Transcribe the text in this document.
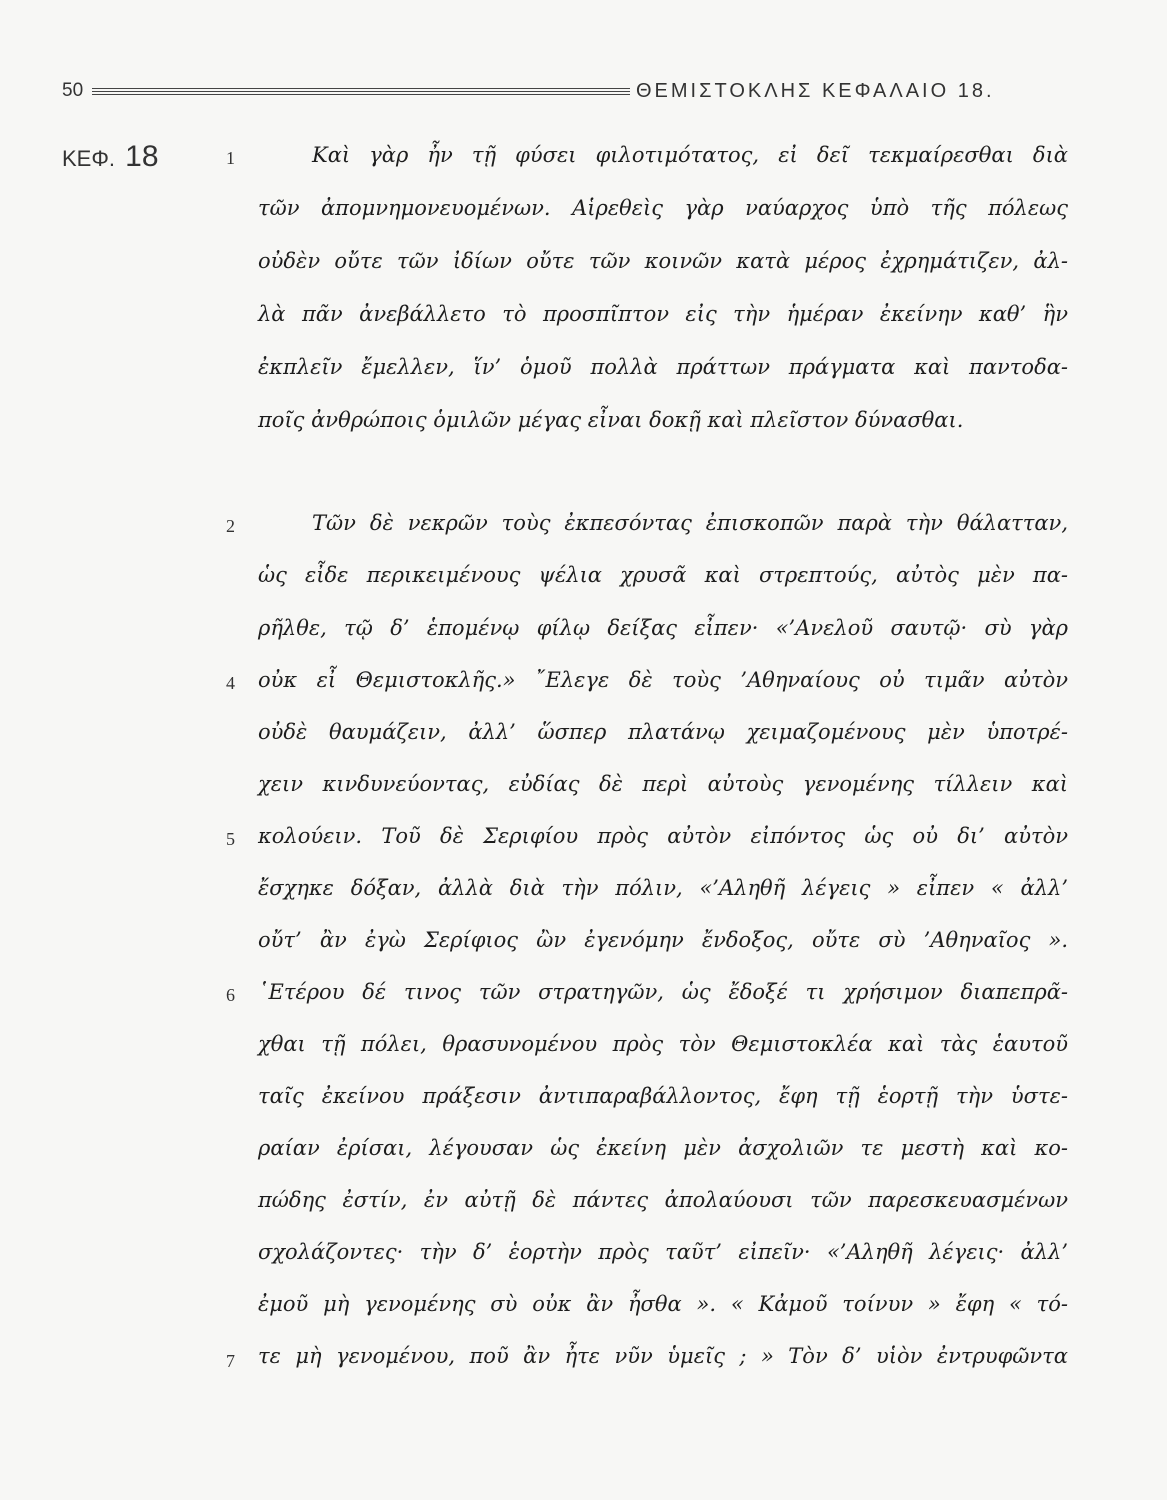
50	ΘΕΜΙΣΤΟΚΛΗΣ ΚΕΦΑΛΑΙΟ 18.
ΚΕΦ. 18	1
2
4
5
6
7
Καὶ γὰρ ἦν τῇ φύσει φιλοτιμότατος, εἰ δεῖ τεκμαίρεσθαι διὰ
τῶν ἀπομνημονευομένων. Αἱρεθεὶς γὰρ ναύαρχος ὑπὸ τῆς πόλεως
οὐδὲν οὔτε τῶν ἰδίων οὔτε τῶν κοινῶν κατὰ μέρος ἐχρημάτιζεν, ἀλ-
λὰ πᾶν ἀνεβάλλετο τὸ προσπῖπτον εἰς τὴν ἡμέραν ἐκείνην καθ’ ἣν
ἐκπλεῖν ἔμελλεν, ἵν’ ὁμοῦ πολλὰ πράττων πράγματα καὶ παντοδα-
ποῖς ἀνθρώποις ὁμιλῶν μέγας εἶναι δοκῇ καὶ πλεῖστον δύνασθαι.
Τῶν δὲ νεκρῶν τοὺς ἐκπεσόντας ἐπισκοπῶν παρὰ τὴν θάλατταν,
ὡς εἶδε περικειμένους ψέλια χρυσᾶ καὶ στρεπτούς, αὐτὸς μὲν πα-
ρῆλθε, τῷ δ’ ἑπομένῳ φίλῳ δείξας εἶπεν· «’Ανελοῦ σαυτῷ· σὺ γὰρ
οὐκ εἶ Θεμιστοκλῆς.» ῎Ελεγε δὲ τοὺς ’Αθηναίους οὐ τιμᾶν αὐτὸν
οὐδὲ θαυμάζειν, ἀλλ’ ὥσπερ πλατάνῳ χειμαζομένους μὲν ὑποτρέ-
χειν κινδυνεύοντας, εὐδίας δὲ περὶ αὐτοὺς γενομένης τίλλειν καὶ
κολούειν. Τοῦ δὲ Σεριφίου πρὸς αὐτὸν εἰπόντος ὡς οὐ δι’ αὐτὸν
ἔσχηκε δόξαν, ἀλλὰ διὰ τὴν πόλιν, «’Αληθῆ λέγεις » εἶπεν « ἀλλ’
οὔτ’ ἂν ἐγὼ Σερίφιος ὢν ἐγενόμην ἔνδοξος, οὔτε σὺ ’Αθηναῖος ».
῾Ετέρου δέ τινος τῶν στρατηγῶν, ὡς ἔδοξέ τι χρήσιμον διαπεπρᾶ-
χθαι τῇ πόλει, θρασυνομένου πρὸς τὸν Θεμιστοκλέα καὶ τὰς ἑαυτοῦ
ταῖς ἐκείνου πράξεσιν ἀντιπαραβάλλοντος, ἔφη τῇ ἑορτῇ τὴν ὑστε-
ραίαν ἐρίσαι, λέγουσαν ὡς ἐκείνη μὲν ἀσχολιῶν τε μεστὴ καὶ κο-
πώδης ἐστίν, ἐν αὐτῇ δὲ πάντες ἀπολαύουσι τῶν παρεσκευασμένων
σχολάζοντες· τὴν δ’ ἑορτὴν πρὸς ταῦτ’ εἰπεῖν· «’Αληθῆ λέγεις· ἀλλ’
ἐμοῦ μὴ γενομένης σὺ οὐκ ἂν ἦσθα ». « Κἀμοῦ τοίνυν » ἔφη « τό-
τε μὴ γενομένου, ποῦ ἂν ἦτε νῦν ὑμεῖς ; » Τὸν δ’ υἱὸν ἐντρυφῶντα
